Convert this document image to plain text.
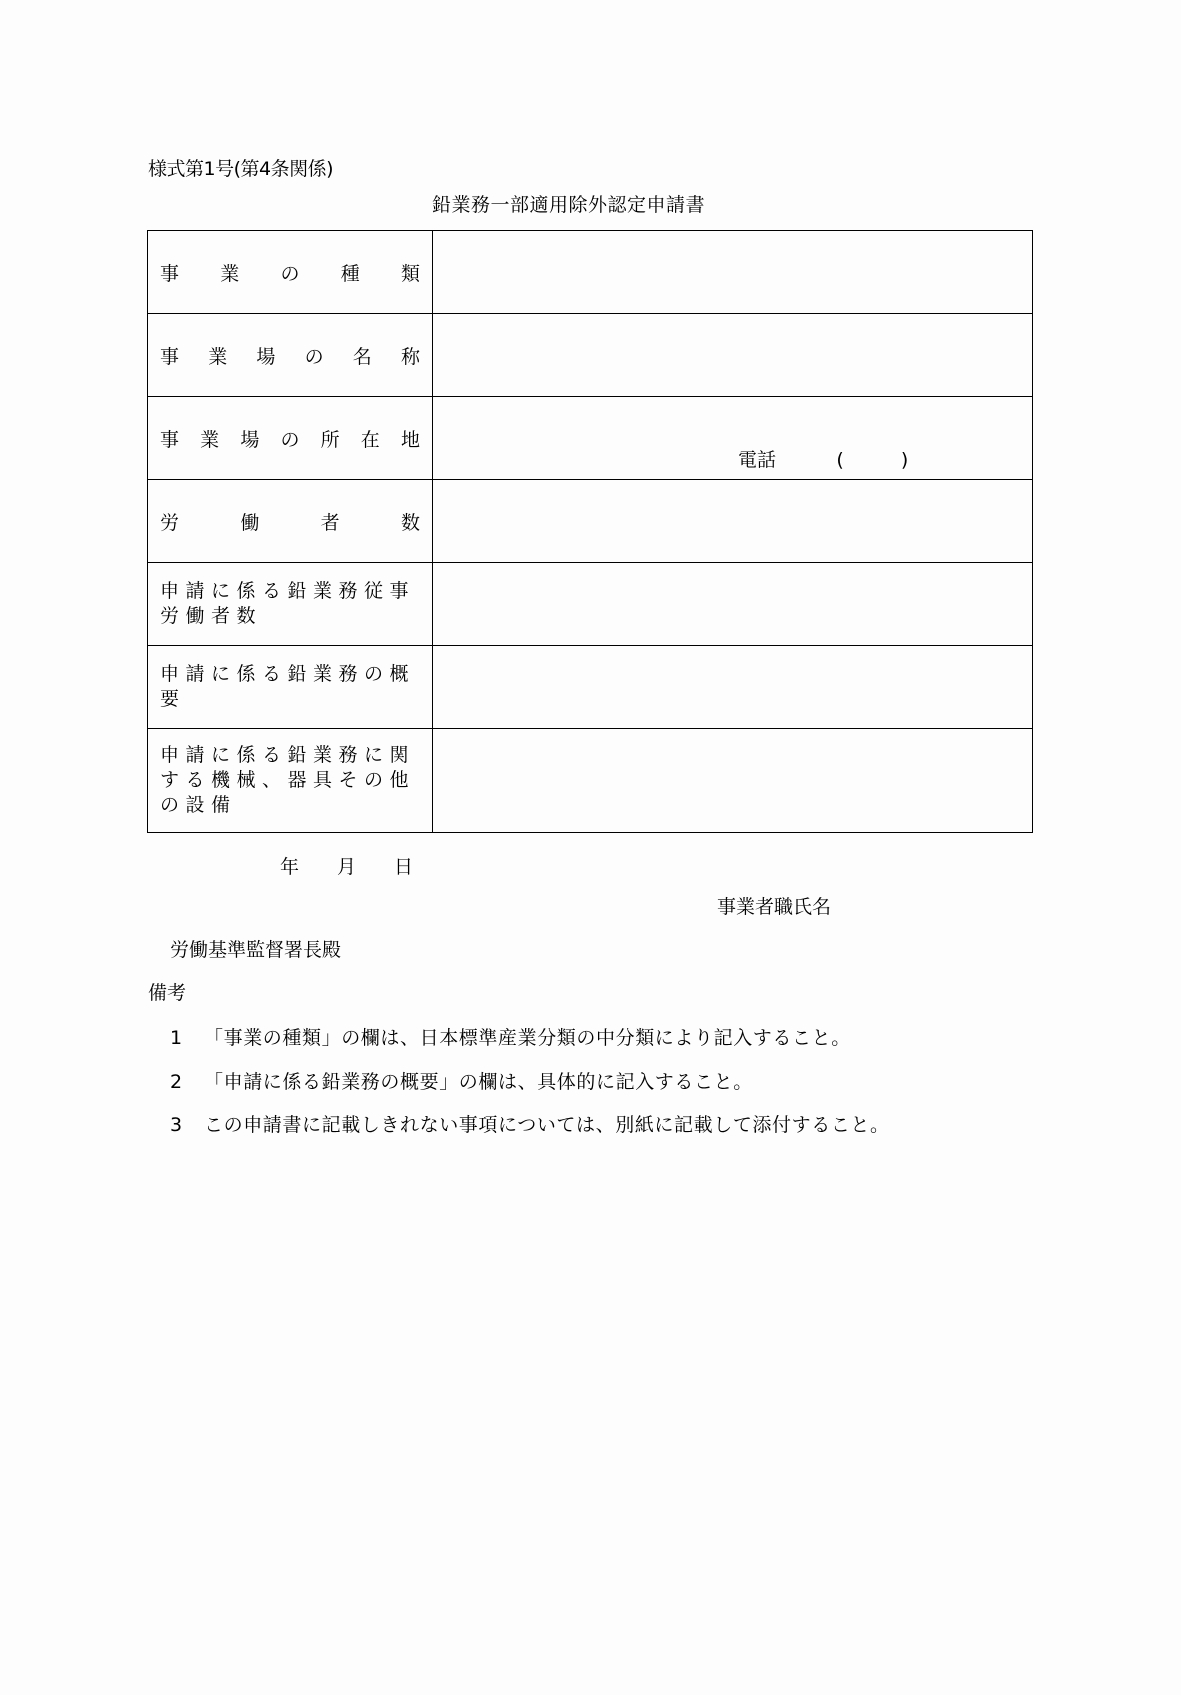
様式第1号(第4条関係)
鉛業務一部適用除外認定申請書
事 業 の 種 類	

事 業 場 の 名 称

事 業 場 の 所 在 地

電話	(　　　)

労 働 者 数	

申請に係る鉛業務従事労働者数	

申請に係る鉛業務の概要	

申請に係る鉛業務に関する機械、器具その他の設備	

年　　月　　日
事業者職氏名
労働基準監督署長殿
備考
1 「事業の種類」の欄は、日本標準産業分類の中分類により記入すること。
2 「申請に係る鉛業務の概要」の欄は、具体的に記入すること。
3 この申請書に記載しきれない事項については、別紙に記載して添付すること。
